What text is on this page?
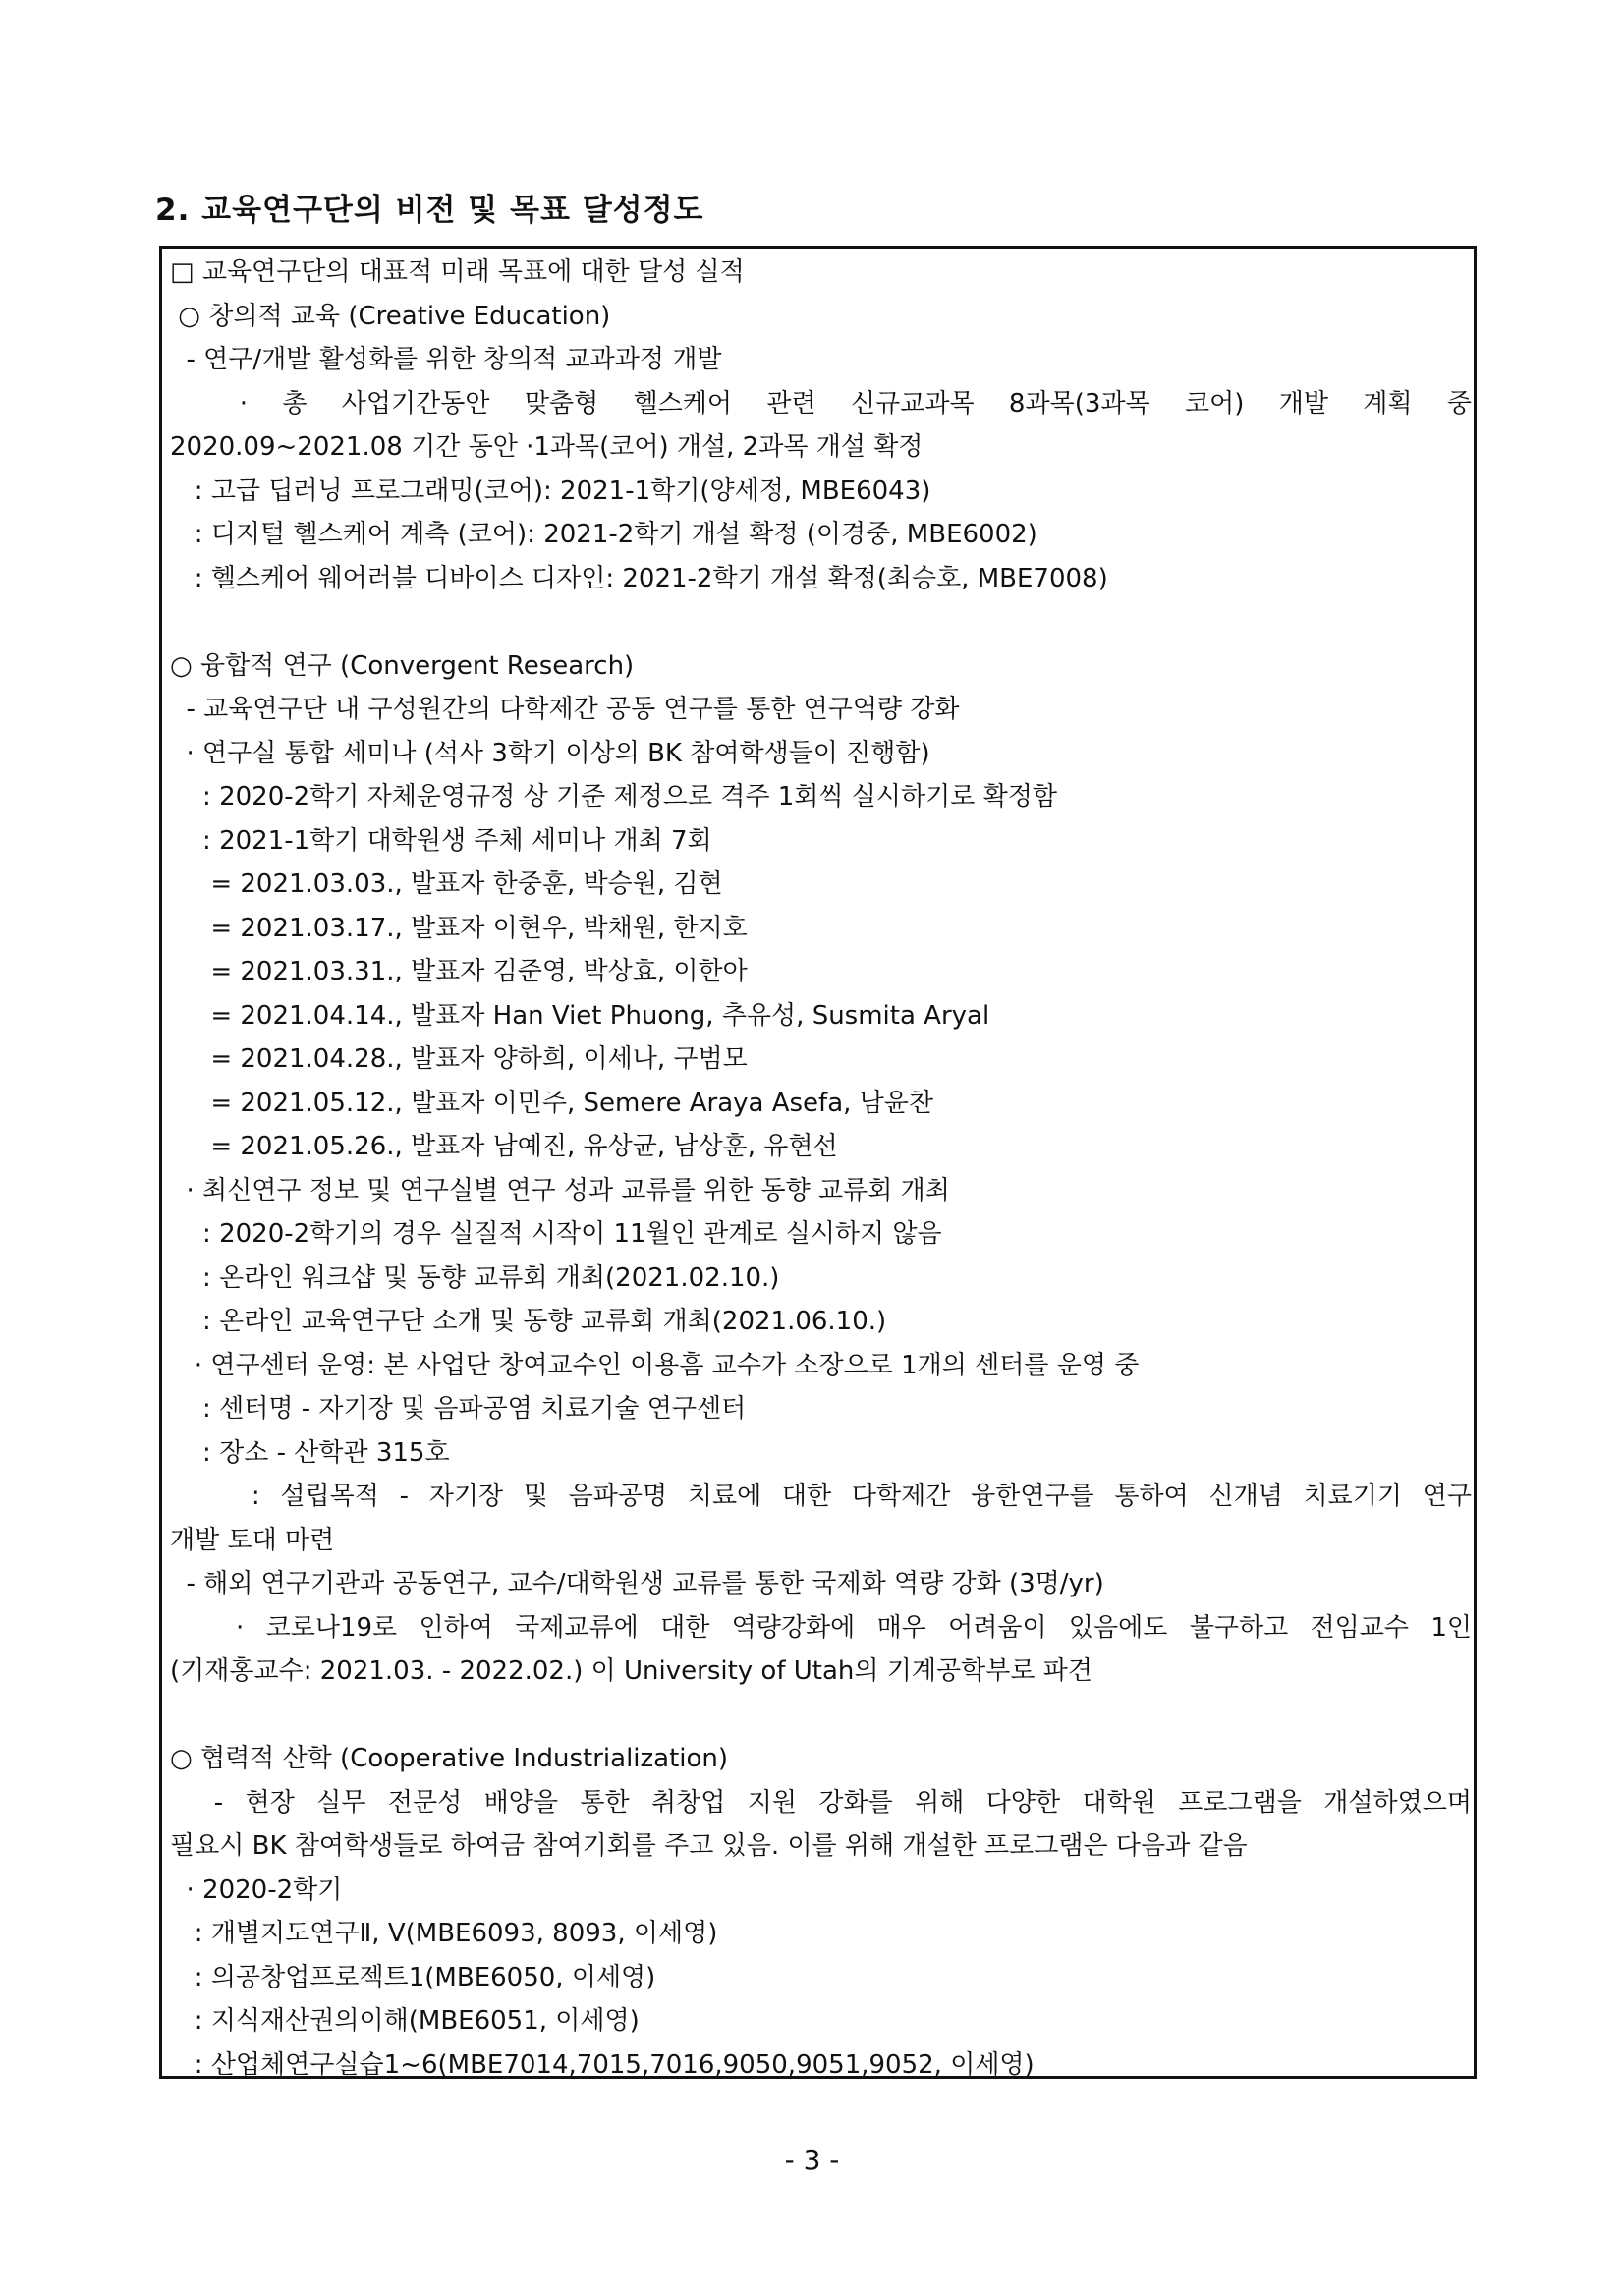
2. 교육연구단의 비전 및 목표 달성정도
□ 교육연구단의 대표적 미래 목표에 대한 달성 실적
○ 창의적 교육 (Creative Education)
- 연구/개발 활성화를 위한 창의적 교과과정 개발
· 총 사업기간동안 맞춤형 헬스케어 관련 신규교과목 8과목(3과목 코어) 개발 계획 중
2020.09~2021.08 기간 동안 ·1과목(코어) 개설, 2과목 개설 확정
: 고급 딥러닝 프로그래밍(코어): 2021-1학기(양세정, MBE6043)
: 디지털 헬스케어 계측 (코어): 2021-2학기 개설 확정 (이경중, MBE6002)
: 헬스케어 웨어러블 디바이스 디자인: 2021-2학기 개설 확정(최승호, MBE7008)
○ 융합적 연구 (Convergent Research)
- 교육연구단 내 구성원간의 다학제간 공동 연구를 통한 연구역량 강화
· 연구실 통합 세미나 (석사 3학기 이상의 BK 참여학생들이 진행함)
: 2020-2학기 자체운영규정 상 기준 제정으로 격주 1회씩 실시하기로 확정함
: 2021-1학기 대학원생 주체 세미나 개최 7회
= 2021.03.03., 발표자 한중훈, 박승원, 김현
= 2021.03.17., 발표자 이현우, 박채원, 한지호
= 2021.03.31., 발표자 김준영, 박상효, 이한아
= 2021.04.14., 발표자 Han Viet Phuong, 추유성, Susmita Aryal
= 2021.04.28., 발표자 양하희, 이세나, 구범모
= 2021.05.12., 발표자 이민주, Semere Araya Asefa, 남윤찬
= 2021.05.26., 발표자 남예진, 유상균, 남상훈, 유현선
· 최신연구 정보 및 연구실별 연구 성과 교류를 위한 동향 교류회 개최
: 2020-2학기의 경우 실질적 시작이 11월인 관계로 실시하지 않음
: 온라인 워크샵 및 동향 교류회 개최(2021.02.10.)
: 온라인 교육연구단 소개 및 동향 교류회 개최(2021.06.10.)
· 연구센터 운영: 본 사업단 창여교수인 이용흠 교수가 소장으로 1개의 센터를 운영 중
: 센터명 - 자기장 및 음파공염 치료기술 연구센터
: 장소 - 산학관 315호
: 설립목적 - 자기장 및 음파공명 치료에 대한 다학제간 융한연구를 통하여 신개념 치료기기 연구
개발 토대 마련
- 해외 연구기관과 공동연구, 교수/대학원생 교류를 통한 국제화 역량 강화 (3명/yr)
· 코로나19로 인하여 국제교류에 대한 역량강화에 매우 어려움이 있음에도 불구하고 전임교수 1인
(기재홍교수: 2021.03. - 2022.02.) 이 University of Utah의 기계공학부로 파견
○ 협력적 산학 (Cooperative Industrialization)
- 현장 실무 전문성 배양을 통한 취창업 지원 강화를 위해 다양한 대학원 프로그램을 개설하였으며
필요시 BK 참여학생들로 하여금 참여기회를 주고 있음. 이를 위해 개설한 프로그램은 다음과 같음
· 2020-2학기
: 개별지도연구Ⅱ, Ⅴ(MBE6093, 8093, 이세영)
: 의공창업프로젝트1(MBE6050, 이세영)
: 지식재산권의이해(MBE6051, 이세영)
: 산업체연구실습1~6(MBE7014,7015,7016,9050,9051,9052, 이세영)
- 3 -
